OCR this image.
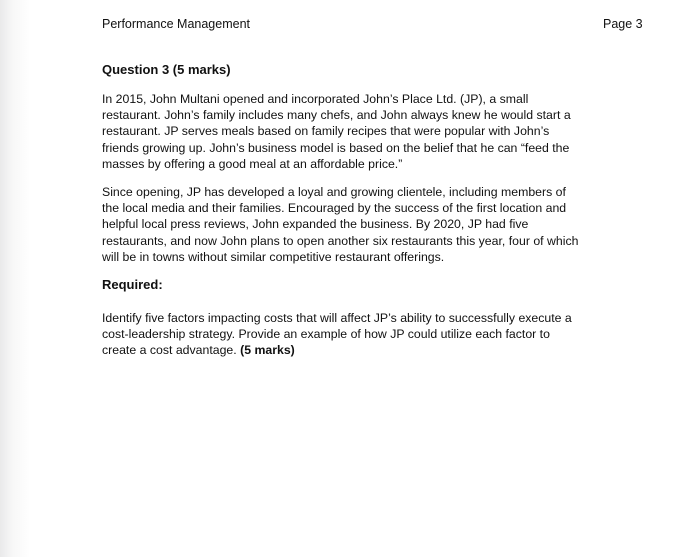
Performance Management	Page 3
Question 3 (5 marks)

In 2015, John Multani opened and incorporated John’s Place Ltd. (JP), a small
restaurant. John’s family includes many chefs, and John always knew he would start a
restaurant. JP serves meals based on family recipes that were popular with John’s
friends growing up. John’s business model is based on the belief that he can “feed the
masses by offering a good meal at an affordable price.”

Since opening, JP has developed a loyal and growing clientele, including members of
the local media and their families. Encouraged by the success of the first location and
helpful local press reviews, John expanded the business. By 2020, JP had five
restaurants, and now John plans to open another six restaurants this year, four of which
will be in towns without similar competitive restaurant offerings.

Required:

Identify five factors impacting costs that will affect JP’s ability to successfully execute a
cost-leadership strategy. Provide an example of how JP could utilize each factor to
create a cost advantage. (5 marks)
